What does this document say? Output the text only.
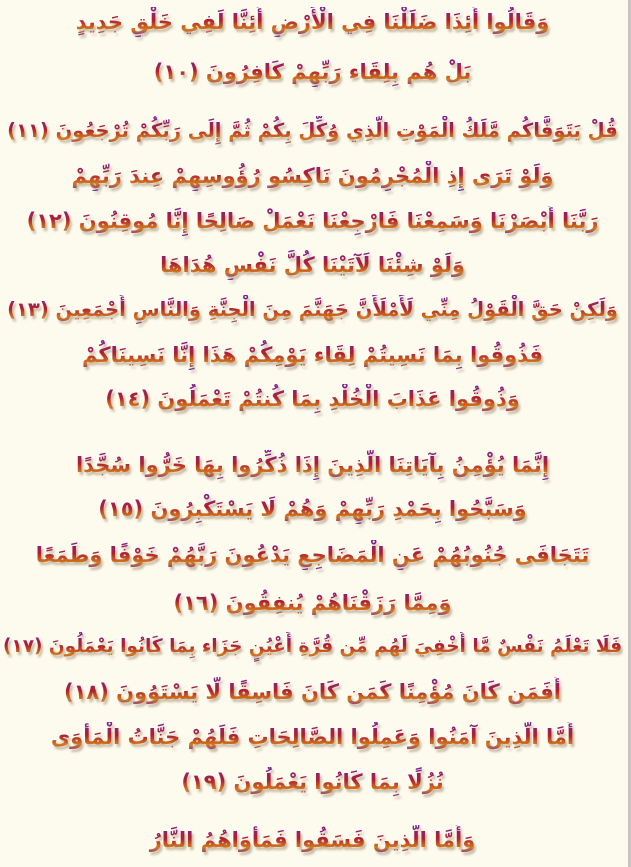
وَقَالُوا أَئِذَا ضَلَلْنَا فِي الْأَرْضِ أَئِنَّا لَفِي خَلْقٍ جَدِيدٍ
بَلْ هُم بِلِقَاء رَبِّهِمْ كَافِرُونَ (١٠)
قُلْ يَتَوَفَّاكُم مَّلَكُ الْمَوْتِ الَّذِي وُكِّلَ بِكُمْ ثُمَّ إِلَى رَبِّكُمْ تُرْجَعُونَ (١١)
وَلَوْ تَرَى إِذِ الْمُجْرِمُونَ نَاكِسُو رُؤُوسِهِمْ عِندَ رَبِّهِمْ
رَبَّنَا أَبْصَرْنَا وَسَمِعْنَا فَارْجِعْنَا نَعْمَلْ صَالِحًا إِنَّا مُوقِنُونَ (١٢)
وَلَوْ شِئْنَا لَآتَيْنَا كُلَّ نَفْسٍ هُدَاهَا
وَلَكِنْ حَقَّ الْقَوْلُ مِنِّي لَأَمْلَأَنَّ جَهَنَّمَ مِنَ الْجِنَّةِ وَالنَّاسِ أَجْمَعِينَ (١٣)
فَذُوقُوا بِمَا نَسِيتُمْ لِقَاء يَوْمِكُمْ هَذَا إِنَّا نَسِينَاكُمْ
وَذُوقُوا عَذَابَ الْخُلْدِ بِمَا كُنتُمْ تَعْمَلُونَ (١٤)
إِنَّمَا يُؤْمِنُ بِآيَاتِنَا الَّذِينَ إِذَا ذُكِّرُوا بِهَا خَرُّوا سُجَّدًا
وَسَبَّحُوا بِحَمْدِ رَبِّهِمْ وَهُمْ لَا يَسْتَكْبِرُونَ (١٥)
تَتَجَافَى جُنُوبُهُمْ عَنِ الْمَضَاجِعِ يَدْعُونَ رَبَّهُمْ خَوْفًا وَطَمَعًا
وَمِمَّا رَزَقْنَاهُمْ يُنفِقُونَ (١٦)
فَلَا تَعْلَمُ نَفْسٌ مَّا أُخْفِيَ لَهُم مِّن قُرَّةِ أَعْيُنٍ جَزَاء بِمَا كَانُوا يَعْمَلُونَ (١٧)
أَفَمَن كَانَ مُؤْمِنًا كَمَن كَانَ فَاسِقًا لَّا يَسْتَوُونَ (١٨)
أَمَّا الَّذِينَ آمَنُوا وَعَمِلُوا الصَّالِحَاتِ فَلَهُمْ جَنَّاتُ الْمَأْوَى
نُزُلًا بِمَا كَانُوا يَعْمَلُونَ (١٩)
وَأَمَّا الَّذِينَ فَسَقُوا فَمَأْوَاهُمُ النَّارُ
